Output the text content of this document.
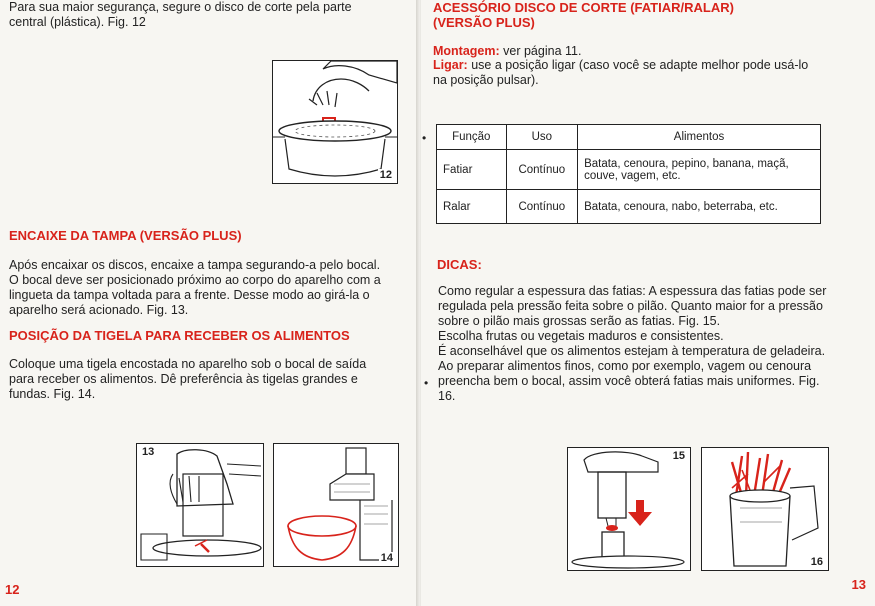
Para sua maior segurança, segure o disco de corte pela parte central (plástica). Fig. 12

12

ENCAIXE DA TAMPA (VERSÃO PLUS)

Após encaixar os discos, encaixe a tampa segurando-a pelo bocal. O bocal deve ser posicionado próximo ao corpo do aparelho com a lingueta da tampa voltada para a frente. Desse modo ao girá-la o aparelho será acionado. Fig. 13.

POSIÇÃO DA TIGELA PARA RECEBER OS ALIMENTOS

Coloque uma tigela encostada no aparelho sob o bocal de saída para receber os alimentos. Dê preferência às tigelas grandes e fundas. Fig. 14.

13
14
12

ACESSÓRIO DISCO DE CORTE (FATIAR/RALAR) (VERSÃO PLUS)

Montagem: ver página 11.

Ligar: use a posição ligar (caso você se adapte melhor pode usá-lo na posição pulsar).

• Função	Uso	Alimentos
Fatiar	Contínuo	Batata, cenoura, pepino, banana, maçã, couve, vagem, etc.
Ralar	Contínuo	Batata, cenoura, nabo, beterraba, etc.

DICAS:

Como regular a espessura das fatias: A espessura das fatias pode ser regulada pela pressão feita sobre o pilão. Quanto maior for a pressão sobre o pilão mais grossas serão as fatias. Fig. 15.
Escolha frutas ou vegetais maduros e consistentes.
É aconselhável que os alimentos estejam à temperatura de geladeira.
Ao preparar alimentos finos, como por exemplo, vagem ou cenoura preencha bem o bocal, assim você obterá fatias mais uniformes. Fig. 16.

•
15
16
13
